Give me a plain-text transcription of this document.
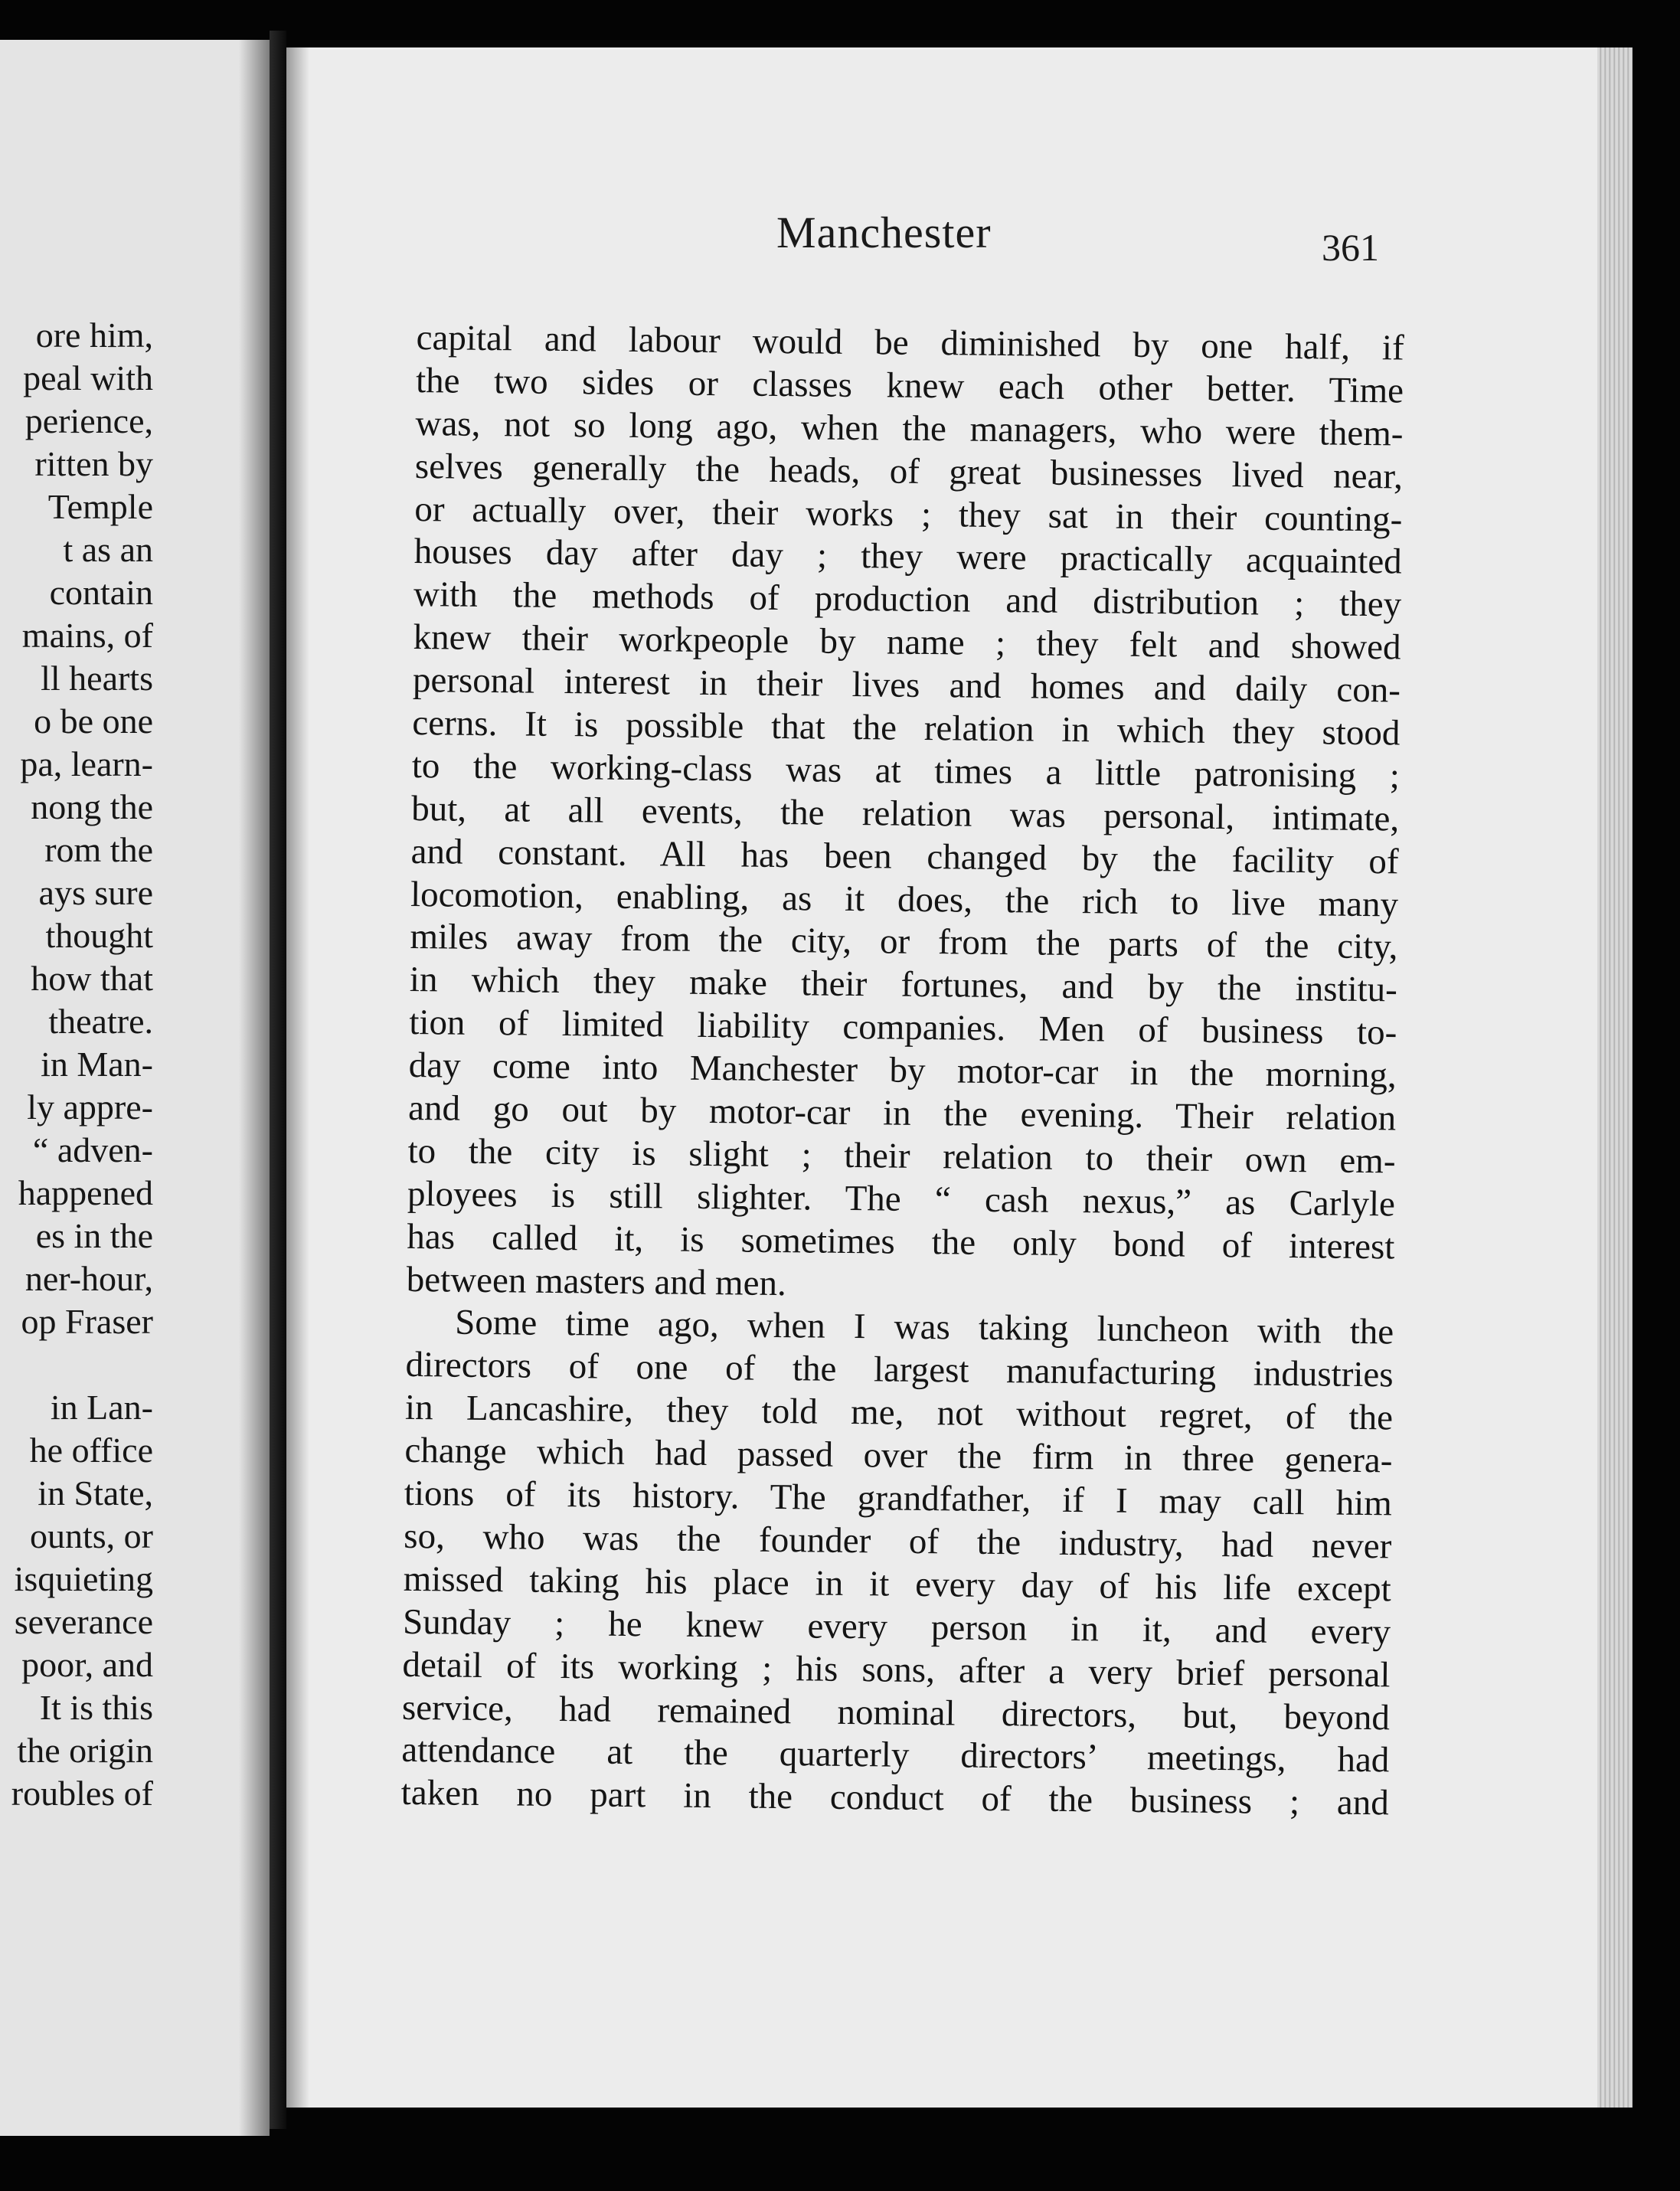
ore him,
peal with
perience,
ritten by
Temple
t as an
contain
mains, of
ll hearts
o be one
pa, learn-
nong the
rom the
ays sure
thought
how that
theatre.
in Man-
ly appre-
“ adven-
happened
es in the
ner-hour,
op Fraser
in Lan-
he office
in State,
ounts, or
isquieting
severance
poor, and
It is this
the origin
roubles of
Manchester	361
capital and labour would be diminished by one half, if
the two sides or classes knew each other better. Time
was, not so long ago, when the managers, who were them-
selves generally the heads, of great businesses lived near,
or actually over, their works ; they sat in their counting-
houses day after day ; they were practically acquainted
with the methods of production and distribution ; they
knew their workpeople by name ; they felt and showed
personal interest in their lives and homes and daily con-
cerns. It is possible that the relation in which they stood
to the working-class was at times a little patronising ;
but, at all events, the relation was personal, intimate,
and constant. All has been changed by the facility of
locomotion, enabling, as it does, the rich to live many
miles away from the city, or from the parts of the city,
in which they make their fortunes, and by the institu-
tion of limited liability companies. Men of business to-
day come into Manchester by motor-car in the morning,
and go out by motor-car in the evening. Their relation
to the city is slight ; their relation to their own em-
ployees is still slighter. The “ cash nexus,” as Carlyle
has called it, is sometimes the only bond of interest
between masters and men.
Some time ago, when I was taking luncheon with the
directors of one of the largest manufacturing industries
in Lancashire, they told me, not without regret, of the
change which had passed over the firm in three genera-
tions of its history. The grandfather, if I may call him
so, who was the founder of the industry, had never
missed taking his place in it every day of his life except
Sunday ; he knew every person in it, and every
detail of its working ; his sons, after a very brief personal
service, had remained nominal directors, but, beyond
attendance at the quarterly directors’ meetings, had
taken no part in the conduct of the business ; and
